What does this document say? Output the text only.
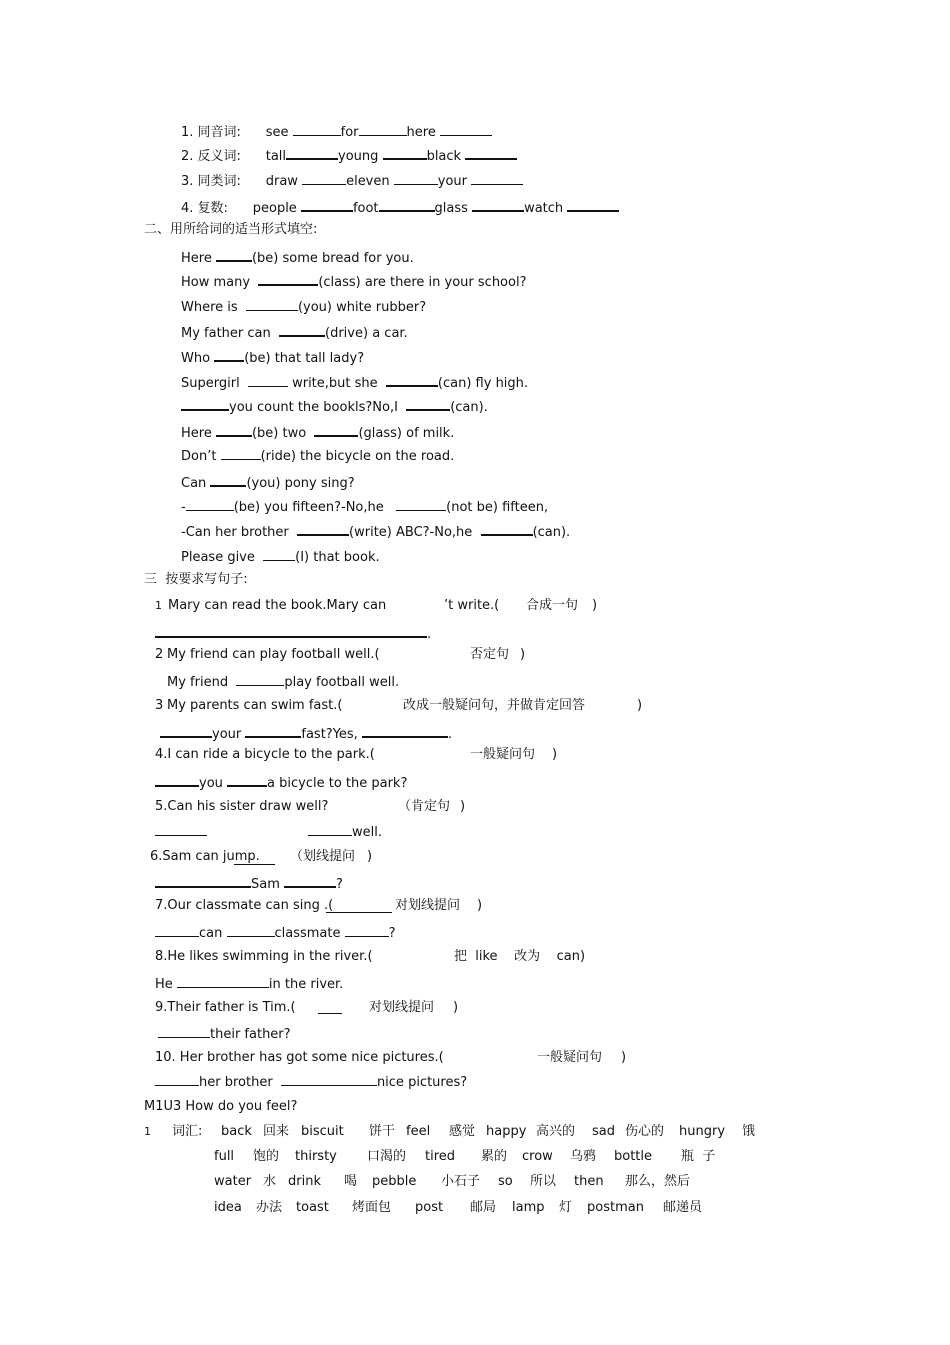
1. 同音词: see	for	here
2. 反义词: tall	young	black
3. 同类词: draw	eleven	your
4. 复数: people	foot	glass	watch
二、用所给词的适当形式填空:
Here	(be) some bread for you.
How many	(class) are there in your school?
Where is	(you) white rubber?
My father can	(drive) a car.
Who	(be) that tall lady?
Supergirl	write,but she	(can) fly high.
you count the bookls?No,I	(can).
Here	(be) two	(glass) of milk.
Don’t	(ride) the bicycle on the road.
Can	(you) pony sing?
-	(be) you fifteen?-No,he	(not be) fifteen,
-Can her brother	(write) ABC?-No,he	(can).
Please give	(I) that book.
三  按要求写句子:
1 Mary can read the book.Mary can	’t write.( 合成一句 )
.
2 My friend can play football well.(	否定句 )
My friend	play football well.
3 My parents can swim fast.(	改成一般疑问句，并做肯定回答	)
your	fast?Yes,	.
4.I can ride a bicycle to the park.(	一般疑问句 )
you	a bicycle to the park?
5.Can his sister draw well?	（肯定句 )
well.
6.Sam can jump. （划线提问 )
Sam	?
7.Our classmate can sing .(	对划线提问 )
can	classmate	?
8.He likes swimming in the river.(	把  like    改为    can)
He	in the river.
9.Their father is Tim.(	对划线提问 )
their father?
10. Her brother has got some nice pictures.(	一般疑问句 )
her brother	nice pictures?
M1U3 How do you feel?
1 词汇: back 回来 biscuit 饼干 feel 感觉 happy 高兴的 sad 伤心的 hungry 饿
full 饱的 thirsty 口渴的 tired 累的 crow 乌鸦 bottle 瓶  子
water 水 drink 喝 pebble 小石子 so 所以 then 那么，然后
idea 办法 toast 烤面包 post 邮局 lamp 灯 postman 邮递员
